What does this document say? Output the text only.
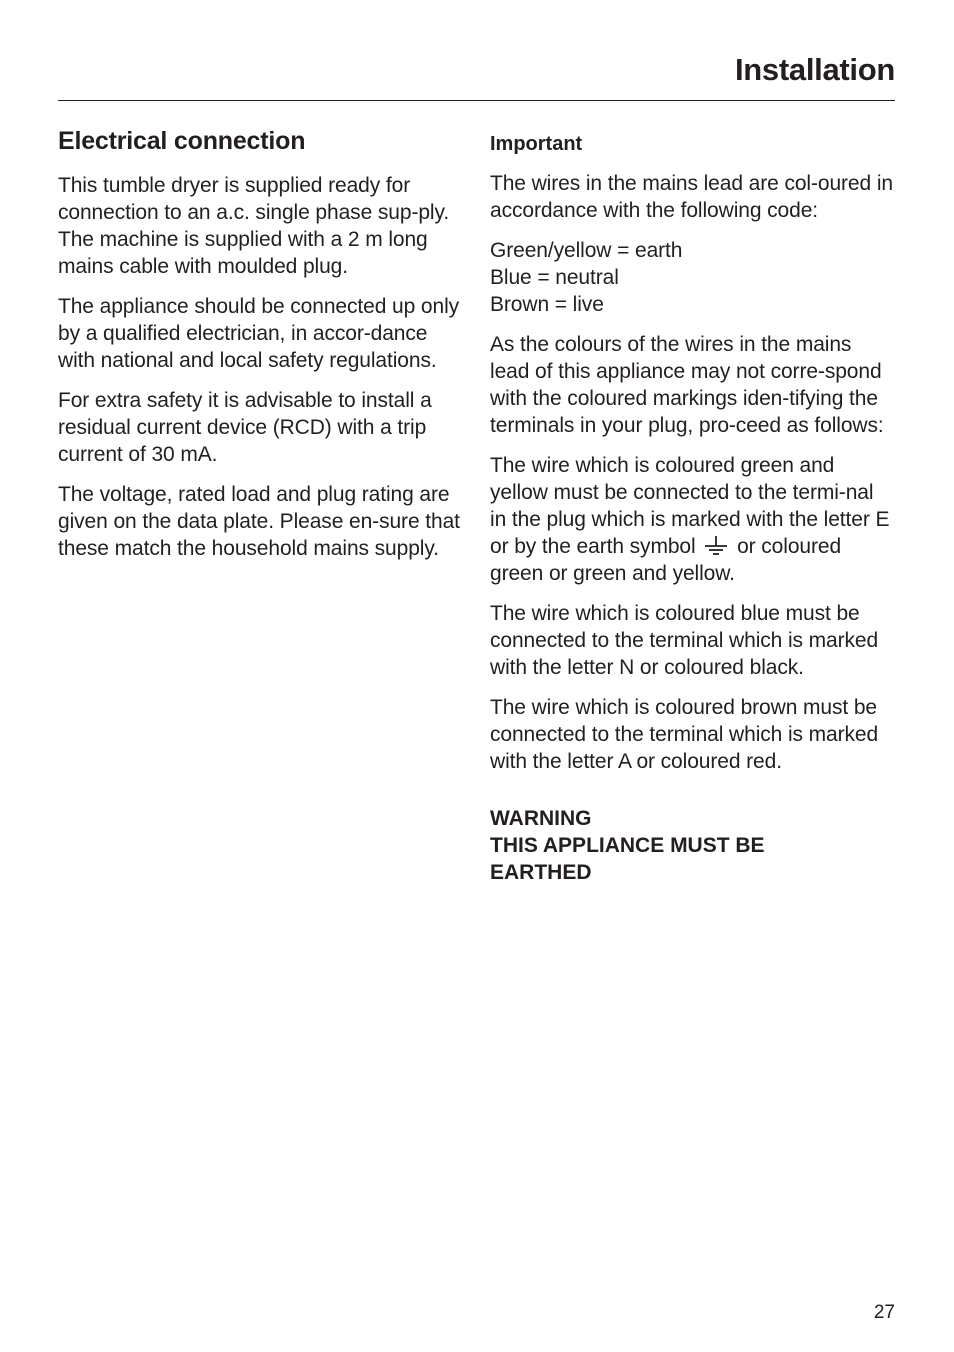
Installation
Electrical connection

This tumble dryer is supplied ready for connection to an a.c. single phase sup-ply. The machine is supplied with a 2 m long mains cable with moulded plug.

The appliance should be connected up only by a qualified electrician, in accor-dance with national and local safety regulations.

For extra safety it is advisable to install a residual current device (RCD) with a trip current of 30 mA.

The voltage, rated load and plug rating are given on the data plate. Please en-sure that these match the household mains supply.

Important

The wires in the mains lead are col-oured in accordance with the following code:

Green/yellow = earth
Blue = neutral
Brown = live

As the colours of the wires in the mains lead of this appliance may not corre-spond with the coloured markings iden-tifying the terminals in your plug, pro-ceed as follows:

The wire which is coloured green and yellow must be connected to the termi-nal in the plug which is marked with the letter E or by the earth symbol or coloured green or green and yellow.

The wire which is coloured blue must be connected to the terminal which is marked with the letter N or coloured black.

The wire which is coloured brown must be connected to the terminal which is marked with the letter A or coloured red.

WARNING
THIS APPLIANCE MUST BE
EARTHED
27
